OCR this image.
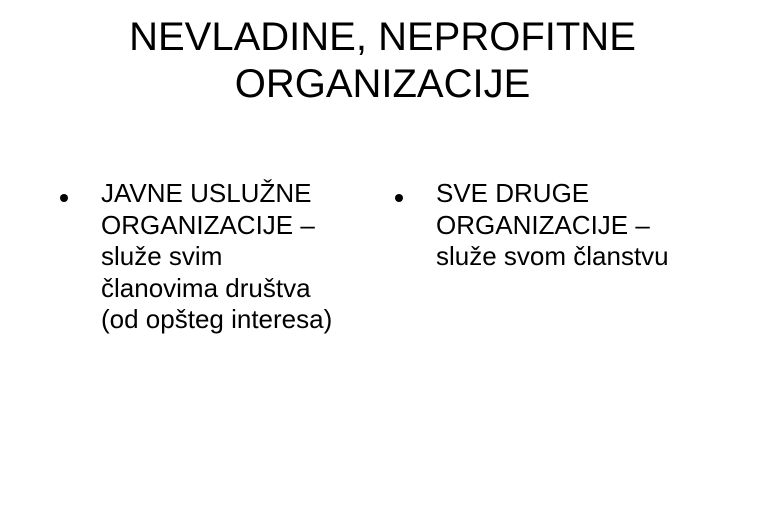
NEVLADINE, NEPROFITNE
ORGANIZACIJE
JAVNE USLUŽNE
ORGANIZACIJE –
služe svim
članovima društva
(od opšteg interesa)
SVE DRUGE
ORGANIZACIJE –
služe svom članstvu
